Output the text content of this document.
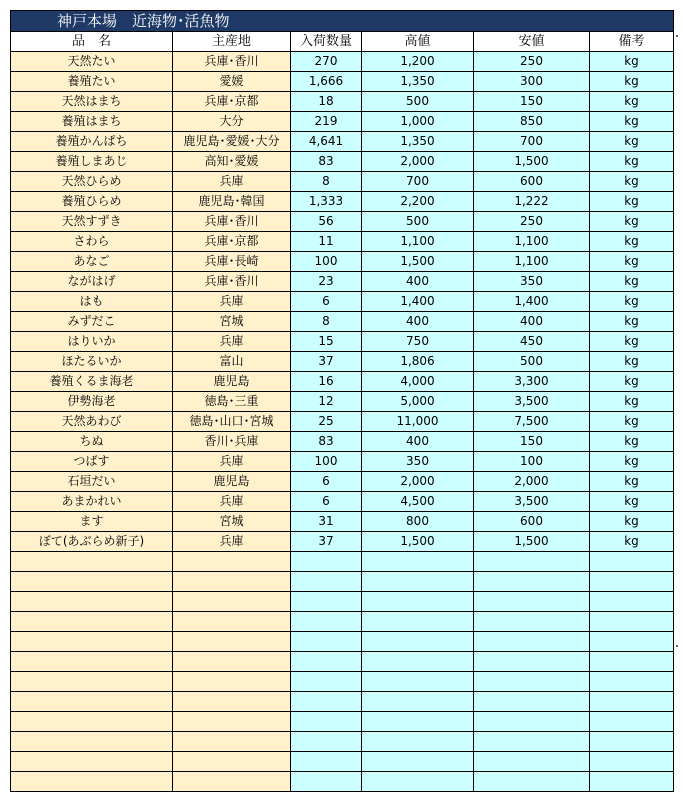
神戸本場　近海物･活魚物					
品　名	主産地	入荷数量	高値	安値	備考
天然たい	兵庫･香川	270	1,200	250	kg
養殖たい	愛媛	1,666	1,350	300	kg
天然はまち	兵庫･京都	18	500	150	kg
養殖はまち	大分	219	1,000	850	kg
養殖かんぱち	鹿児島･愛媛･大分	4,641	1,350	700	kg
養殖しまあじ	高知･愛媛	83	2,000	1,500	kg
天然ひらめ	兵庫	8	700	600	kg
養殖ひらめ	鹿児島･韓国	1,333	2,200	1,222	kg
天然すずき	兵庫･香川	56	500	250	kg
さわら	兵庫･京都	11	1,100	1,100	kg
あなご	兵庫･長崎	100	1,500	1,100	kg
ながはげ	兵庫･香川	23	400	350	kg
はも	兵庫	6	1,400	1,400	kg
みずだこ	宮城	8	400	400	kg
はりいか	兵庫	15	750	450	kg
ほたるいか	富山	37	1,806	500	kg
養殖くるま海老	鹿児島	16	4,000	3,300	kg
伊勢海老	徳島･三重	12	5,000	3,500	kg
天然あわび	徳島･山口･宮城	25	11,000	7,500	kg
ちぬ	香川･兵庫	83	400	150	kg
つばす	兵庫	100	350	100	kg
石垣だい	鹿児島	6	2,000	2,000	kg
あまかれい	兵庫	6	4,500	3,500	kg
ます	宮城	31	800	600	kg
ぼて(あぶらめ新子)	兵庫	37	1,500	1,500	kg
